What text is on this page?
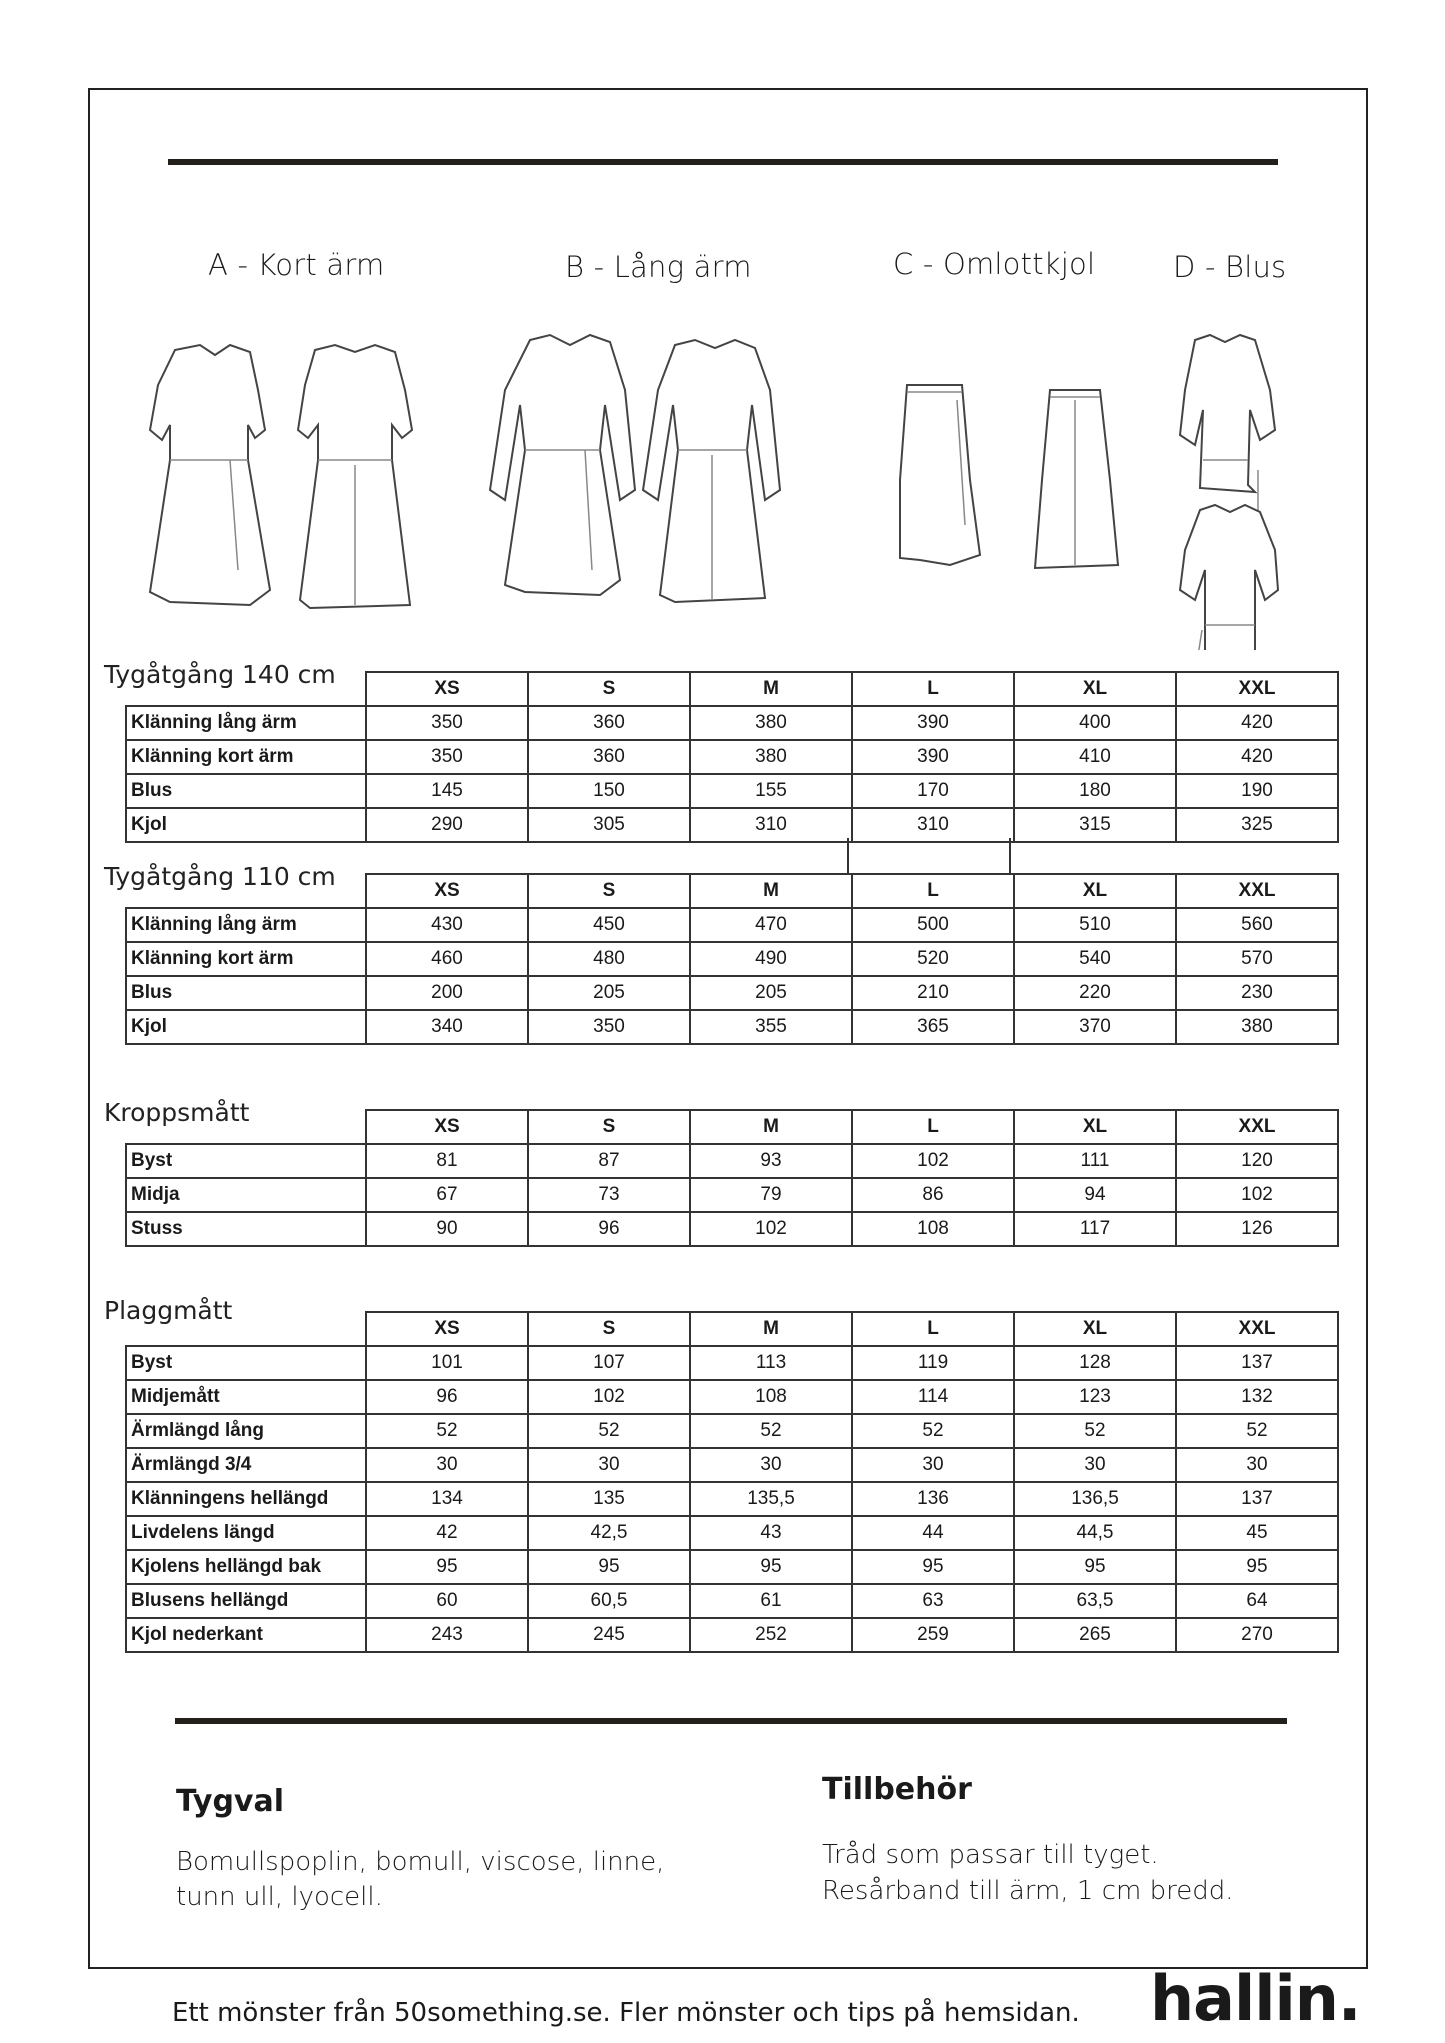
A - Kort ärm	B - Lång ärm	C - Omlottkjol	D - Blus
Tygåtgång 140 cm
		XS	S	M	L	XL	XXL
Klänning lång ärm	350	360	380	390	400	420
Klänning kort ärm	350	360	380	390	410	420
Blus	145	150	155	170	180	190
Kjol	290	305	310	310	315	325
Tygåtgång 110 cm
		XS	S	M	L	XL	XXL
Klänning lång ärm	430	450	470	500	510	560
Klänning kort ärm	460	480	490	520	540	570
Blus	200	205	205	210	220	230
Kjol	340	350	355	365	370	380
Kroppsmått
		XS	S	M	L	XL	XXL
Byst	81	87	93	102	111	120
Midja	67	73	79	86	94	102
Stuss	90	96	102	108	117	126
Plaggmått
	XS	S	M	L	XL	XXL
Byst	101	107	113	119	128	137
Midjemått	96	102	108	114	123	132
Ärmlängd lång	52	52	52	52	52	52
Ärmlängd 3/4	30	30	30	30	30	30
Klänningens hellängd	134	135	135,5	136	136,5	137
Livdelens längd	42	42,5	43	44	44,5	45
Kjolens hellängd bak	95	95	95	95	95	95
Blusens hellängd	60	60,5	61	63	63,5	64
Kjol nederkant	243	245	252	259	265	270
Tygval
Bomullspoplin, bomull, viscose, linne,
tunn ull, lyocell.
Tillbehör
Tråd som passar till tyget.
Resårband till ärm, 1 cm bredd.
Ett mönster från 50something.se. Fler mönster och tips på hemsidan. hallin.
